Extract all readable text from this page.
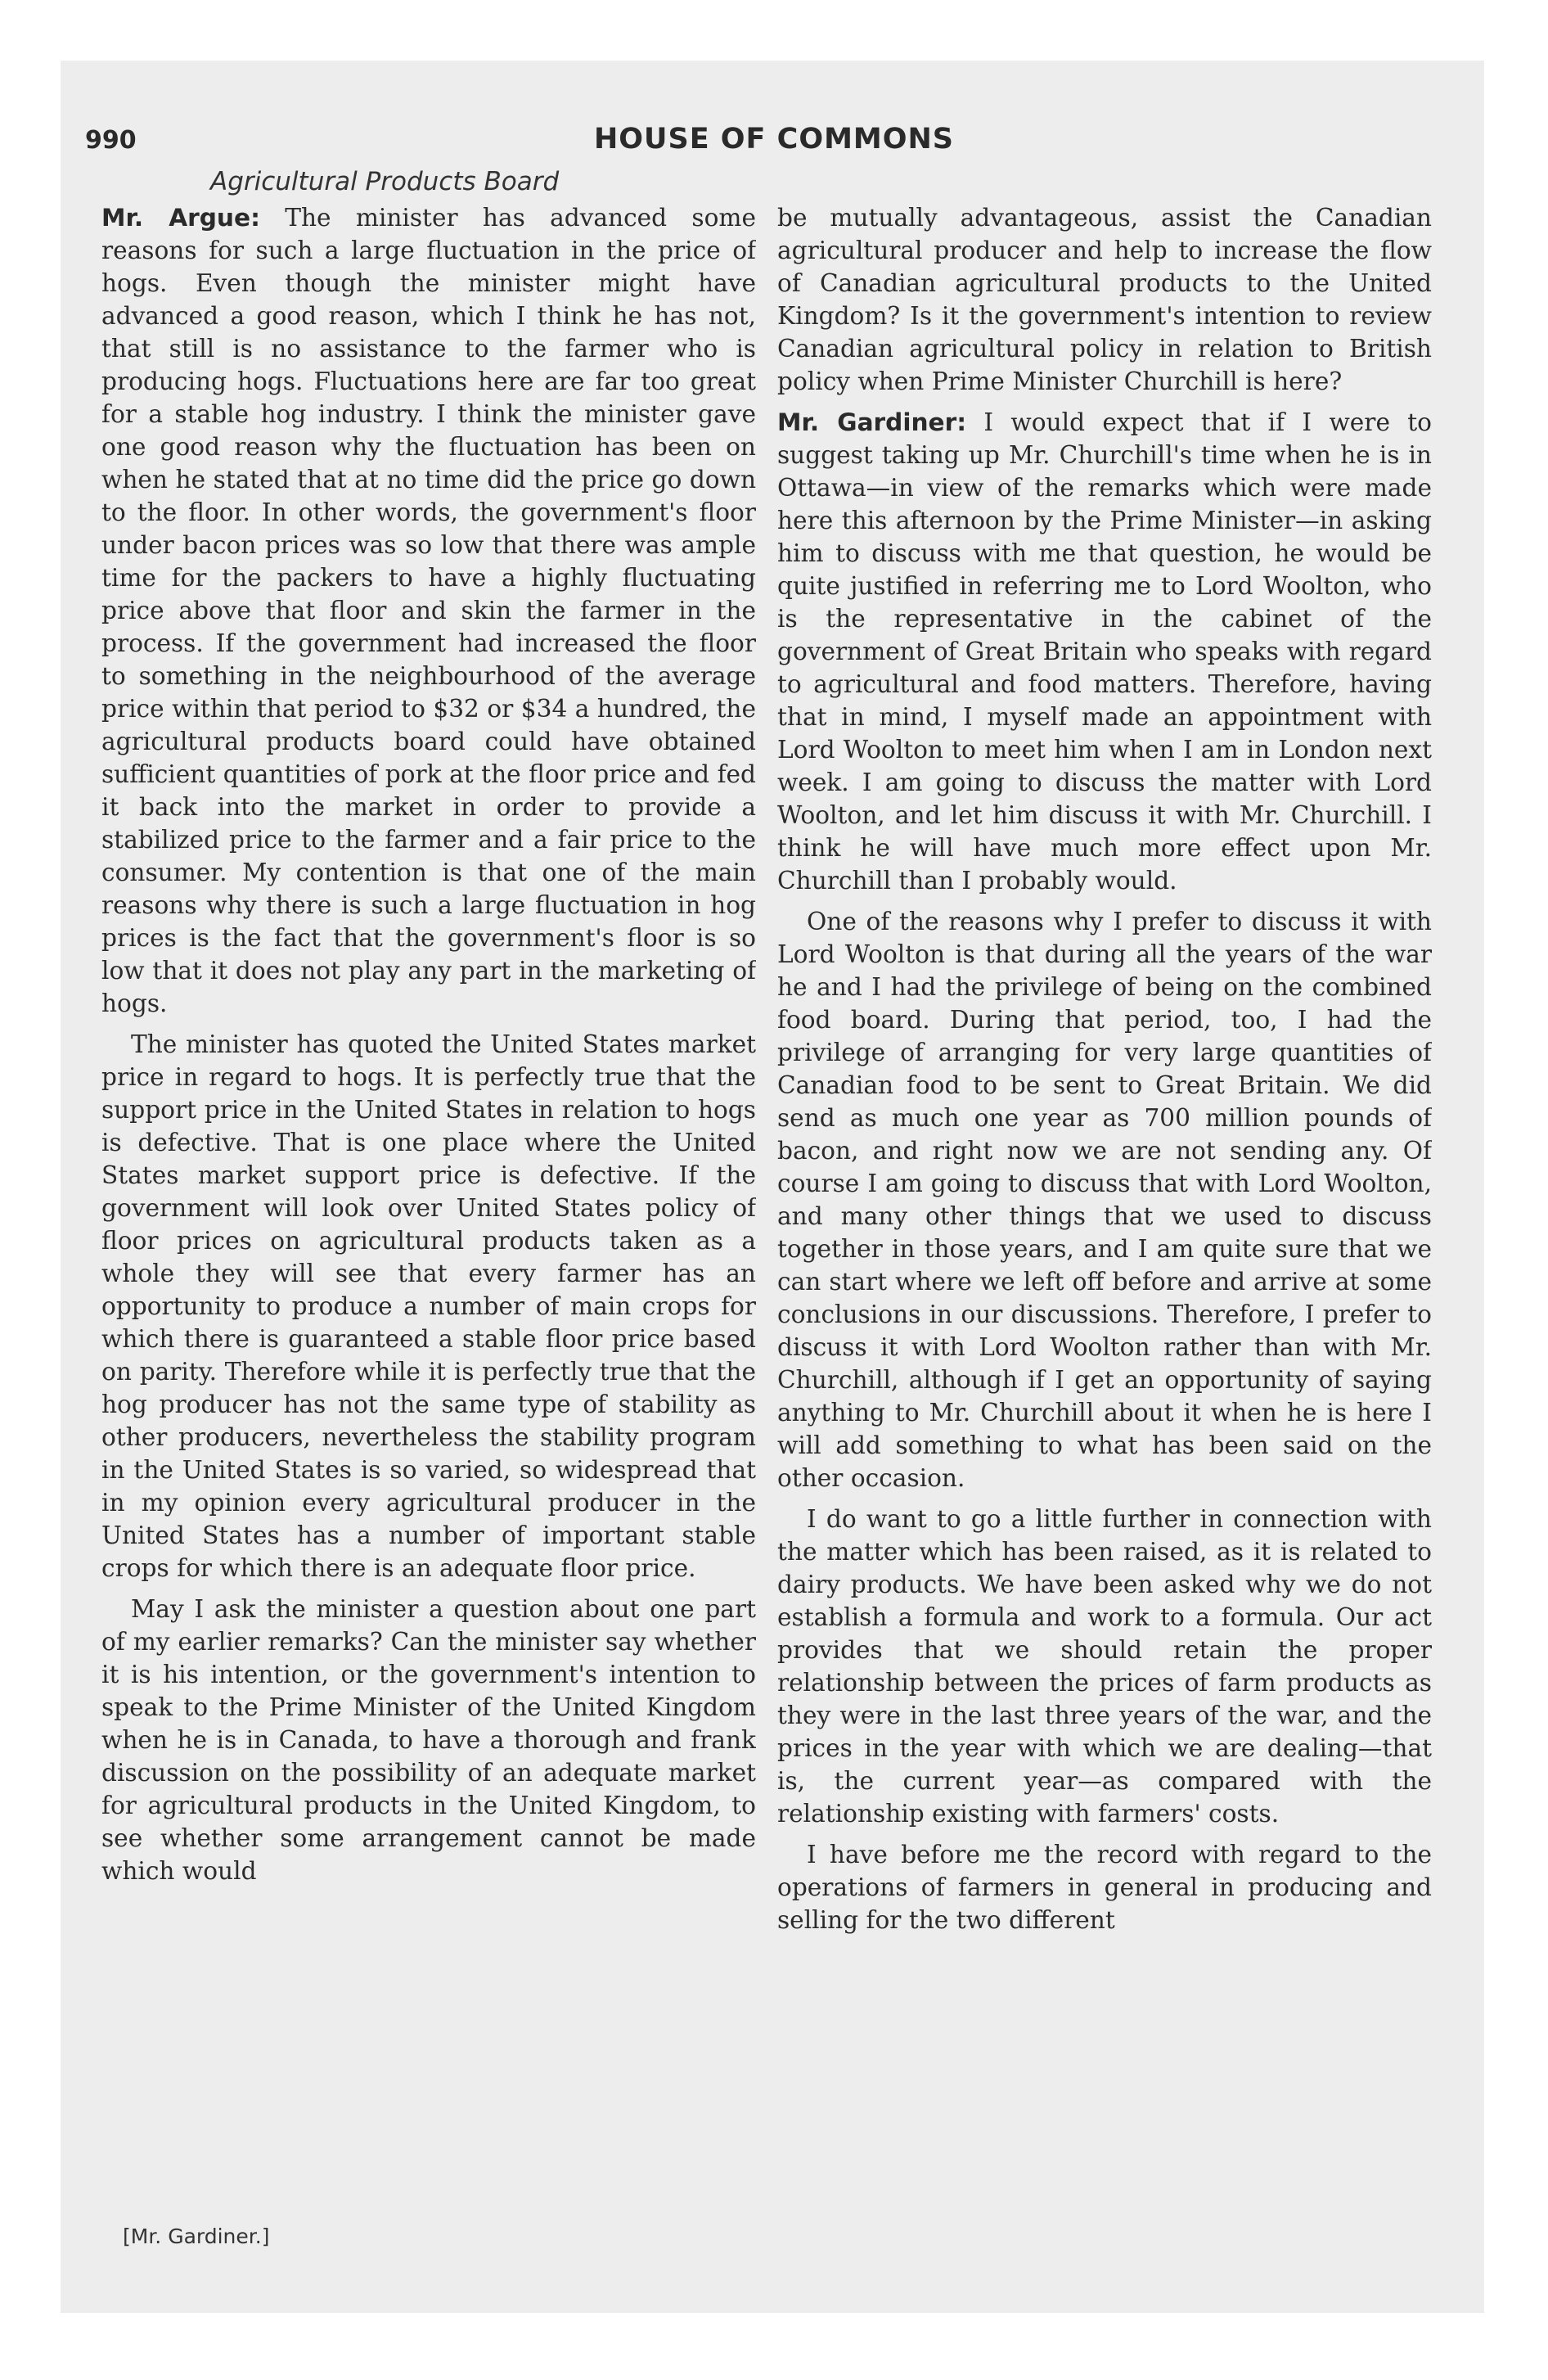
990	HOUSE OF COMMONS
Agricultural Products Board

Mr. Argue: The minister has advanced some reasons for such a large fluctuation in the price of hogs. Even though the minister might have advanced a good reason, which I think he has not, that still is no assistance to the farmer who is producing hogs. Fluctuations here are far too great for a stable hog industry. I think the minister gave one good reason why the fluctuation has been on when he stated that at no time did the price go down to the floor. In other words, the government's floor under bacon prices was so low that there was ample time for the packers to have a highly fluctuating price above that floor and skin the farmer in the process. If the government had increased the floor to something in the neighbourhood of the average price within that period to $32 or $34 a hundred, the agricultural products board could have obtained sufficient quantities of pork at the floor price and fed it back into the market in order to provide a stabilized price to the farmer and a fair price to the consumer. My contention is that one of the main reasons why there is such a large fluctuation in hog prices is the fact that the government's floor is so low that it does not play any part in the marketing of hogs.

The minister has quoted the United States market price in regard to hogs. It is perfectly true that the support price in the United States in relation to hogs is defective. That is one place where the United States market support price is defective. If the government will look over United States policy of floor prices on agricultural products taken as a whole they will see that every farmer has an opportunity to produce a number of main crops for which there is guaranteed a stable floor price based on parity. Therefore while it is perfectly true that the hog producer has not the same type of stability as other producers, nevertheless the stability program in the United States is so varied, so widespread that in my opinion every agricultural producer in the United States has a number of important stable crops for which there is an adequate floor price.

May I ask the minister a question about one part of my earlier remarks? Can the minister say whether it is his intention, or the government's intention to speak to the Prime Minister of the United Kingdom when he is in Canada, to have a thorough and frank discussion on the possibility of an adequate market for agricultural products in the United Kingdom, to see whether some arrangement cannot be made which would

be mutually advantageous, assist the Canadian agricultural producer and help to increase the flow of Canadian agricultural products to the United Kingdom? Is it the government's intention to review Canadian agricultural policy in relation to British policy when Prime Minister Churchill is here?

Mr. Gardiner: I would expect that if I were to suggest taking up Mr. Churchill's time when he is in Ottawa—in view of the remarks which were made here this afternoon by the Prime Minister—in asking him to discuss with me that question, he would be quite justified in referring me to Lord Woolton, who is the representative in the cabinet of the government of Great Britain who speaks with regard to agricultural and food matters. Therefore, having that in mind, I myself made an appointment with Lord Woolton to meet him when I am in London next week. I am going to discuss the matter with Lord Woolton, and let him discuss it with Mr. Churchill. I think he will have much more effect upon Mr. Churchill than I probably would.

One of the reasons why I prefer to discuss it with Lord Woolton is that during all the years of the war he and I had the privilege of being on the combined food board. During that period, too, I had the privilege of arranging for very large quantities of Canadian food to be sent to Great Britain. We did send as much one year as 700 million pounds of bacon, and right now we are not sending any. Of course I am going to discuss that with Lord Woolton, and many other things that we used to discuss together in those years, and I am quite sure that we can start where we left off before and arrive at some conclusions in our discussions. Therefore, I prefer to discuss it with Lord Woolton rather than with Mr. Churchill, although if I get an opportunity of saying anything to Mr. Churchill about it when he is here I will add something to what has been said on the other occasion.

I do want to go a little further in connection with the matter which has been raised, as it is related to dairy products. We have been asked why we do not establish a formula and work to a formula. Our act provides that we should retain the proper relationship between the prices of farm products as they were in the last three years of the war, and the prices in the year with which we are dealing—that is, the current year—as compared with the relationship existing with farmers' costs.

I have before me the record with regard to the operations of farmers in general in producing and selling for the two different

[Mr. Gardiner.]
